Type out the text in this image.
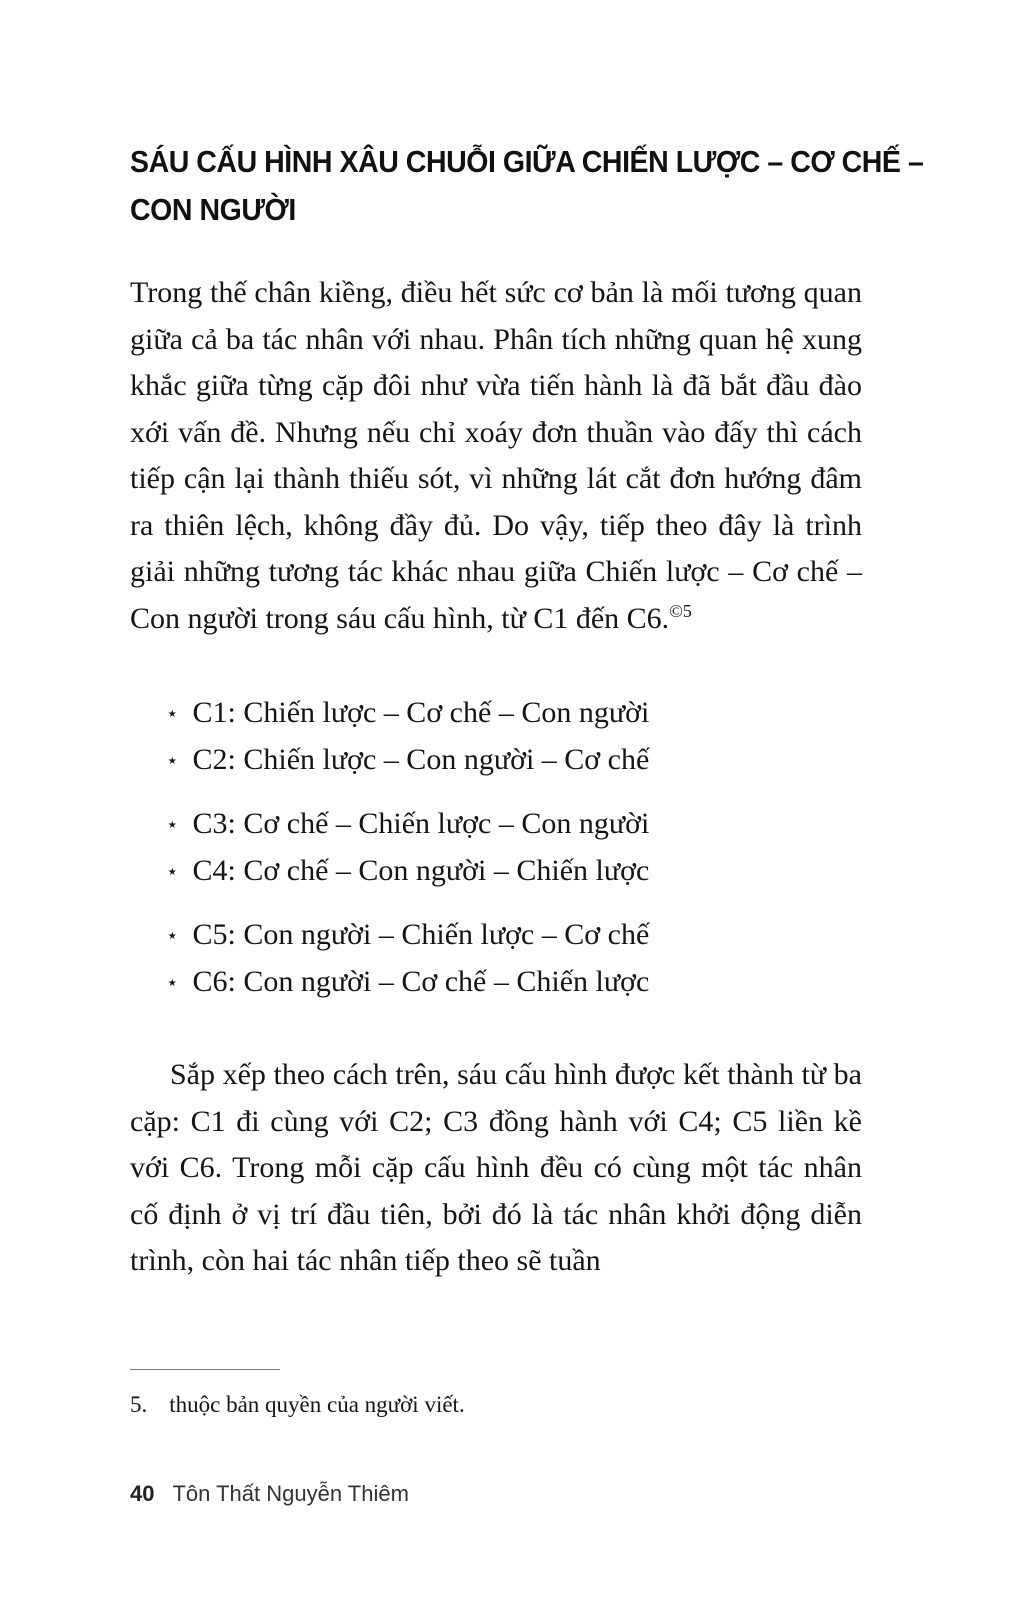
SÁU CẤU HÌNH XÂU CHUỖI GIỮA CHIẾN LƯỢC – CƠ CHẾ –
CON NGƯỜI

Trong thế chân kiềng, điều hết sức cơ bản là mối tương quan giữa cả ba tác nhân với nhau. Phân tích những quan hệ xung khắc giữa từng cặp đôi như vừa tiến hành là đã bắt đầu đào xới vấn đề. Nhưng nếu chỉ xoáy đơn thuần vào đấy thì cách tiếp cận lại thành thiếu sót, vì những lát cắt đơn hướng đâm ra thiên lệch, không đầy đủ. Do vậy, tiếp theo đây là trình giải những tương tác khác nhau giữa Chiến lược – Cơ chế – Con người trong sáu cấu hình, từ C1 đến C6.$^{©5}$

⋆ C1: Chiến lược – Cơ chế – Con người
⋆ C2: Chiến lược – Con người – Cơ chế
⋆ C3: Cơ chế – Chiến lược – Con người
⋆ C4: Cơ chế – Con người – Chiến lược
⋆ C5: Con người – Chiến lược – Cơ chế
⋆ C6: Con người – Cơ chế – Chiến lược

Sắp xếp theo cách trên, sáu cấu hình được kết thành từ ba cặp: C1 đi cùng với C2; C3 đồng hành với C4; C5 liền kề với C6. Trong mỗi cặp cấu hình đều có cùng một tác nhân cố định ở vị trí đầu tiên, bởi đó là tác nhân khởi động diễn trình, còn hai tác nhân tiếp theo sẽ tuần

5. thuộc bản quyền của người viết.
40 Tôn Thất Nguyễn Thiêm
